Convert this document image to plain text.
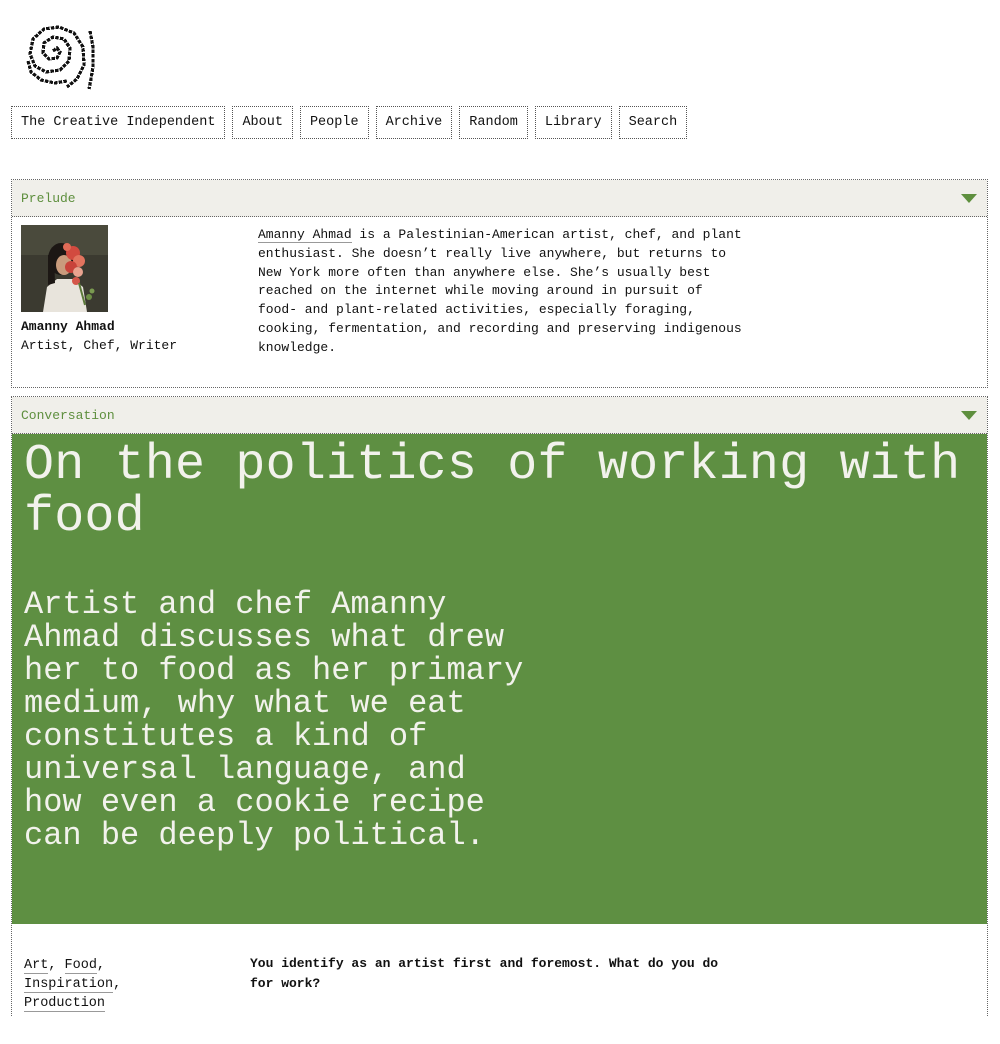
The Creative Independent	About	People	Archive	Random	Library	Search
Prelude
Amanny Ahmad
Artist, Chef, Writer

Amanny Ahmad is a Palestinian-American artist, chef, and plant enthusiast. She doesn’t really live anywhere, but returns to New York more often than anywhere else. She’s usually best reached on the internet while moving around in pursuit of food- and plant-related activities, especially foraging, cooking, fermentation, and recording and preserving indigenous knowledge.

Conversation
On the politics of working with food

Artist and chef Amanny Ahmad discusses what drew her to food as her primary medium, why what we eat constitutes a kind of universal language, and how even a cookie recipe can be deeply political.

Art, Food, Inspiration, Production

You identify as an artist first and foremost. What do you do for work?
